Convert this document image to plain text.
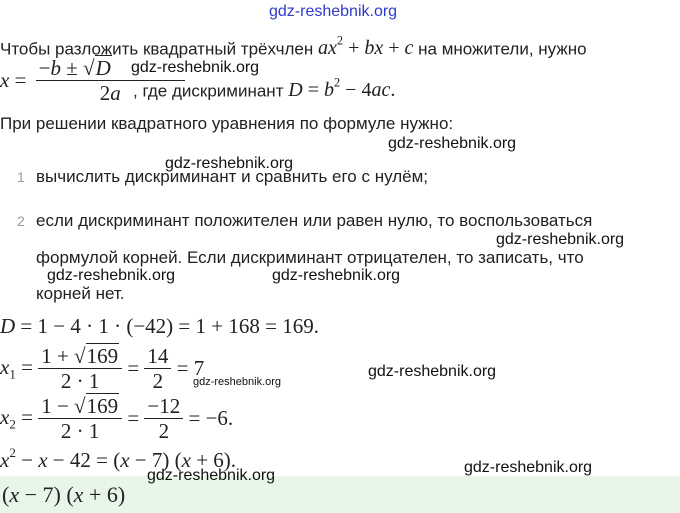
gdz-reshebnik.org
Чтобы разложить квадратный трёхчлен $ax^2$ + bx + c на множители, нужно
$x = \frac{-b \pm √D}{2a}$
, где дискриминант $D = b^2 - 4ac$.
При решении квадратного уравнения по формуле нужно:
1 вычислить дискриминант и сравнить его с нулём;
2 если дискриминант положителен или равен нулю, то воспользоваться
формулой корней. Если дискриминант отрицателен, то записать, что
корней нет.
D = 1 − 4 · 1 · (−42) = 1 + 168 = 169.
$x_1 = \frac{1 + √169}{2 \cdot 1} = \frac{14}{2} = 7$
$x_2 = \frac{1 - √169}{2 \cdot 1} = \frac{-12}{2} = -6$.
$x^2 - x - 42 = (x - 7) (x + 6)$.
(x − 7) (x + 6)
gdz-reshebnik.org
gdz-reshebnik.org
gdz-reshebnik.org
gdz-reshebnik.org
gdz-reshebnik.org	gdz-reshebnik.org
gdz-reshebnik.org
gdz-reshebnik.org
gdz-reshebnik.org
gdz-reshebnik.org
